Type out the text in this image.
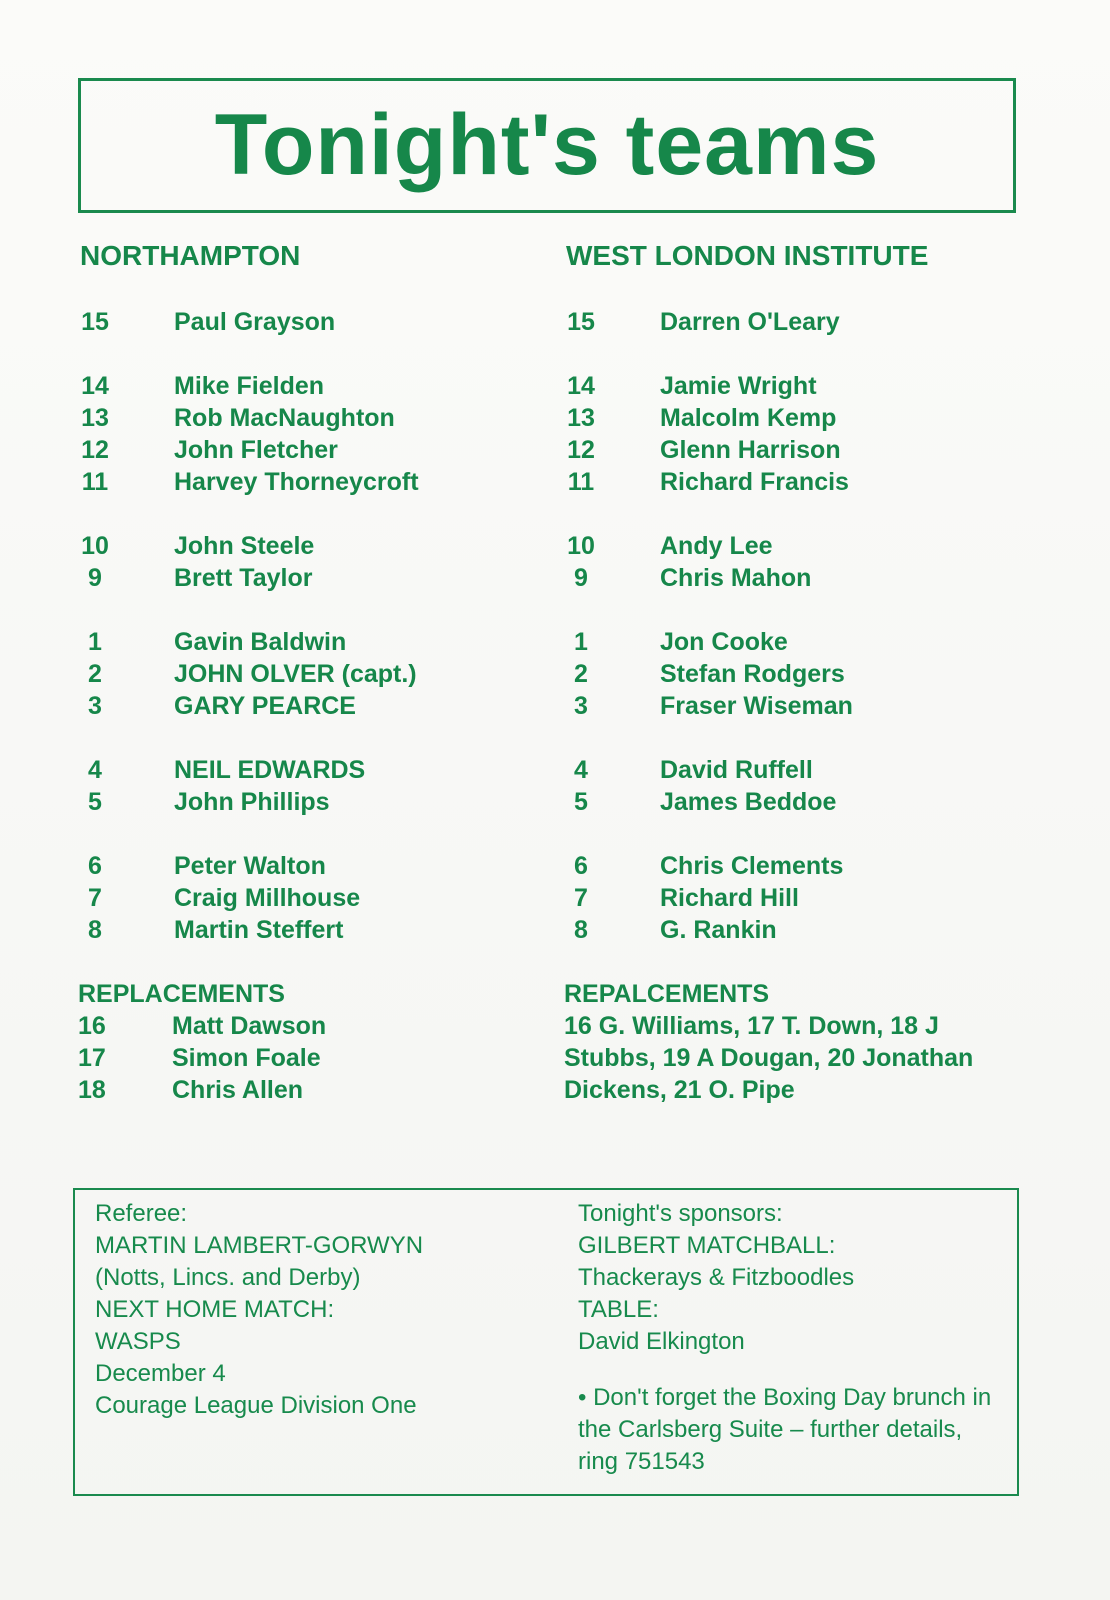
Tonight's teams
NORTHAMPTON
15	Paul Grayson
14	Mike Fielden
13	Rob MacNaughton
12	John Fletcher
11	Harvey Thorneycroft
10	John Steele
9	Brett Taylor
1	Gavin Baldwin
2	JOHN OLVER (capt.)
3	GARY PEARCE
4	NEIL EDWARDS
5	John Phillips
6	Peter Walton
7	Craig Millhouse
8	Martin Steffert
WEST LONDON INSTITUTE
15	Darren O'Leary
14	Jamie Wright
13	Malcolm Kemp
12	Glenn Harrison
11	Richard Francis
10	Andy Lee
9	Chris Mahon
1	Jon Cooke
2	Stefan Rodgers
3	Fraser Wiseman
4	David Ruffell
5	James Beddoe
6	Chris Clements
7	Richard Hill
8	G. Rankin
REPLACEMENTS
16	Matt Dawson
17	Simon Foale
18	Chris Allen
REPALCEMENTS
16 G. Williams, 17 T. Down, 18 J Stubbs, 19 A Dougan, 20 Jonathan Dickens, 21 O. Pipe
Referee:
MARTIN LAMBERT-GORWYN
(Notts, Lincs. and Derby)
NEXT HOME MATCH:
WASPS
December 4
Courage League Division One
Tonight's sponsors:
GILBERT MATCHBALL:
Thackerays & Fitzboodles
TABLE:
David Elkington
• Don't forget the Boxing Day brunch in the Carlsberg Suite – further details, ring 751543
